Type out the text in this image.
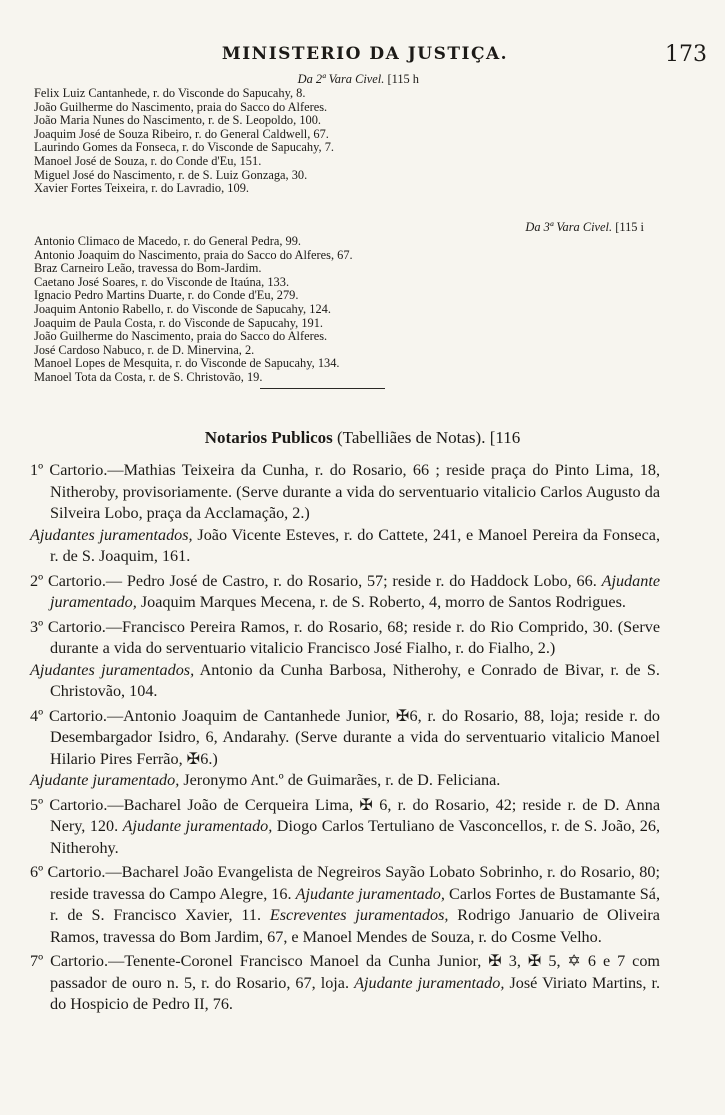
MINISTERIO DA JUSTIÇA.	173
Da 2ª Vara Civel. [115 h
Felix Luiz Cantanhede, r. do Visconde do Sapucahy, 8.
João Guilherme do Nascimento, praia do Sacco do Alferes.
João Maria Nunes do Nascimento, r. de S. Leopoldo, 100.
Joaquim José de Souza Ribeiro, r. do General Caldwell, 67.
Laurindo Gomes da Fonseca, r. do Visconde de Sapucahy, 7.
Manoel José de Souza, r. do Conde d'Eu, 151.
Miguel José do Nascimento, r. de S. Luiz Gonzaga, 30.
Xavier Fortes Teixeira, r. do Lavradio, 109.
Da 3ª Vara Civel. [115 i
Antonio Climaco de Macedo, r. do General Pedra, 99.
Antonio Joaquim do Nascimento, praia do Sacco do Alferes, 67.
Braz Carneiro Leão, travessa do Bom-Jardim.
Caetano José Soares, r. do Visconde de Itaúna, 133.
Ignacio Pedro Martins Duarte, r. do Conde d'Eu, 279.
Joaquim Antonio Rabello, r. do Visconde de Sapucahy, 124.
Joaquim de Paula Costa, r. do Visconde de Sapucahy, 191.
João Guilherme do Nascimento, praia do Sacco do Alferes.
José Cardoso Nabuco, r. de D. Minervina, 2.
Manoel Lopes de Mesquita, r. do Visconde de Sapucahy, 134.
Manoel Tota da Costa, r. de S. Christovão, 19.
Notarios Publicos (Tabelliães de Notas). [116
1º Cartorio.—Mathias Teixeira da Cunha, r. do Rosario, 66 ; reside praça do Pinto Lima, 18, Nitheroby, provisoriamente. (Serve durante a vida do serventuario vitalicio Carlos Augusto da Silveira Lobo, praça da Acclamação, 2.)
Ajudantes juramentados, João Vicente Esteves, r. do Cattete, 241, e Manoel Pereira da Fonseca, r. de S. Joaquim, 161.
2º Cartorio.— Pedro José de Castro, r. do Rosario, 57; reside r. do Haddock Lobo, 66. Ajudante juramentado, Joaquim Marques Mecena, r. de S. Roberto, 4, morro de Santos Rodrigues.
3º Cartorio.—Francisco Pereira Ramos, r. do Rosario, 68; reside r. do Rio Comprido, 30. (Serve durante a vida do serventuario vitalicio Francisco José Fialho, r. do Fialho, 2.)
Ajudantes juramentados, Antonio da Cunha Barbosa, Nitherohy, e Conrado de Bivar, r. de S. Christovão, 104.
4º Cartorio.—Antonio Joaquim de Cantanhede Junior, ✠6, r. do Rosario, 88, loja; reside r. do Desembargador Isidro, 6, Andarahy. (Serve durante a vida do serventuario vitalicio Manoel Hilario Pires Ferrão, ✠6.)
Ajudante juramentado, Jeronymo Ant.º de Guimarães, r. de D. Feliciana.
5º Cartorio.—Bacharel João de Cerqueira Lima, ✠ 6, r. do Rosario, 42; reside r. de D. Anna Nery, 120. Ajudante juramentado, Diogo Carlos Tertuliano de Vasconcellos, r. de S. João, 26, Nitherohy.
6º Cartorio.—Bacharel João Evangelista de Negreiros Sayão Lobato Sobrinho, r. do Rosario, 80; reside travessa do Campo Alegre, 16. Ajudante juramentado, Carlos Fortes de Bustamante Sá, r. de S. Francisco Xavier, 11. Escreventes juramentados, Rodrigo Januario de Oliveira Ramos, travessa do Bom Jardim, 67, e Manoel Mendes de Souza, r. do Cosme Velho.
7º Cartorio.—Tenente-Coronel Francisco Manoel da Cunha Junior, ✠ 3, ✠ 5, ✡ 6 e 7 com passador de ouro n. 5, r. do Rosario, 67, loja. Ajudante juramentado, José Viriato Martins, r. do Hospicio de Pedro II, 76.
